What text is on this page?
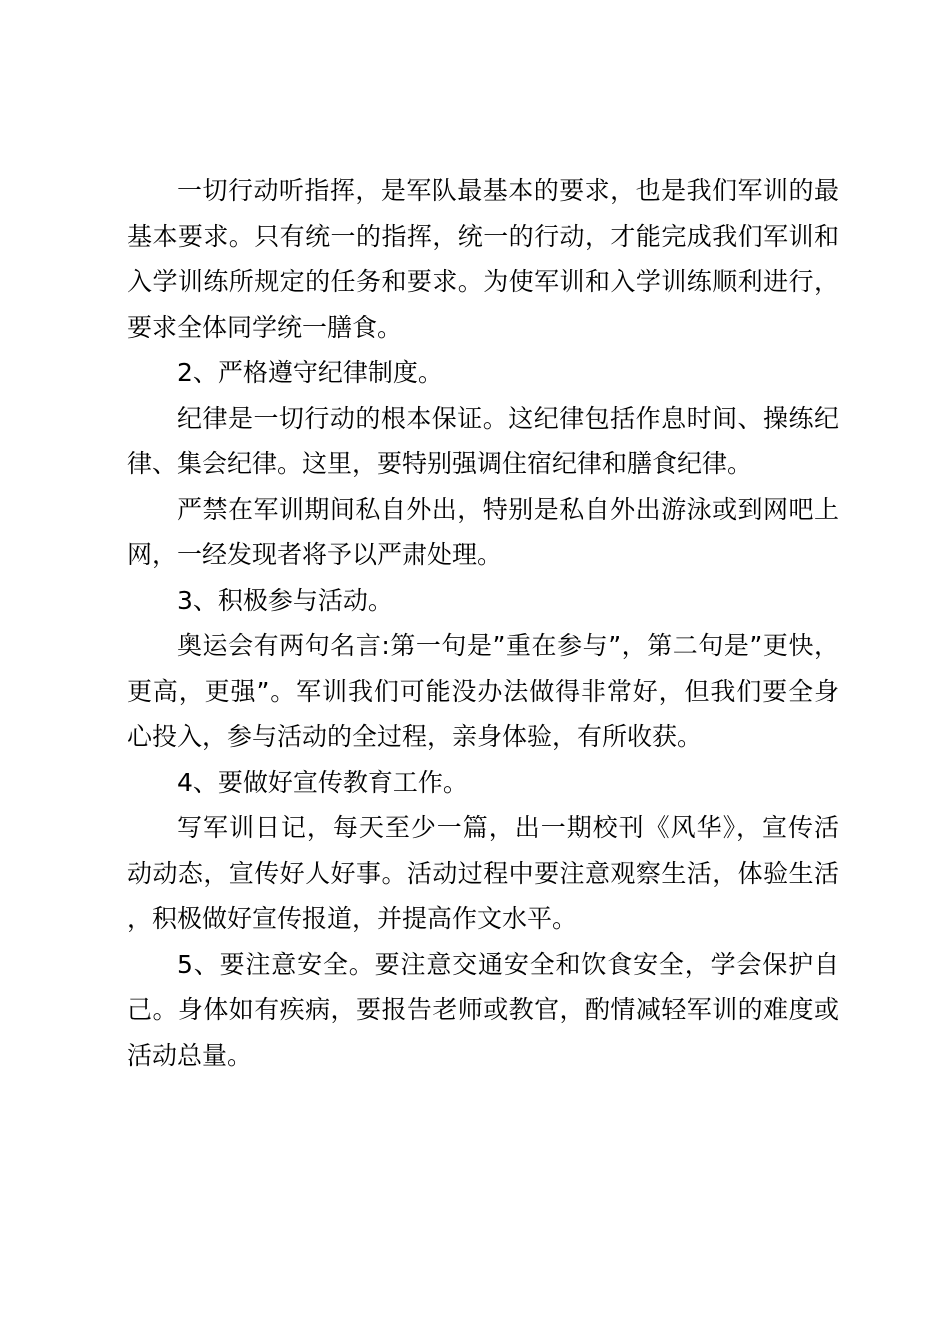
一切行动听指挥，是军队最基本的要求，也是我们军训的最基本要求。只有统一的指挥，统一的行动，才能完成我们军训和入学训练所规定的任务和要求。为使军训和入学训练顺利进行，要求全体同学统一膳食。

2、严格遵守纪律制度。

纪律是一切行动的根本保证。这纪律包括作息时间、操练纪律、集会纪律。这里，要特别强调住宿纪律和膳食纪律。

严禁在军训期间私自外出，特别是私自外出游泳或到网吧上网，一经发现者将予以严肃处理。

3、积极参与活动。

奥运会有两句名言:第一句是”重在参与”，第二句是”更快，更高，更强”。军训我们可能没办法做得非常好，但我们要全身心投入，参与活动的全过程，亲身体验，有所收获。

4、要做好宣传教育工作。

写军训日记，每天至少一篇，出一期校刊《风华》，宣传活动动态，宣传好人好事。活动过程中要注意观察生活，体验生活，积极做好宣传报道，并提高作文水平。

5、要注意安全。要注意交通安全和饮食安全，学会保护自己。身体如有疾病，要报告老师或教官，酌情减轻军训的难度或活动总量。
